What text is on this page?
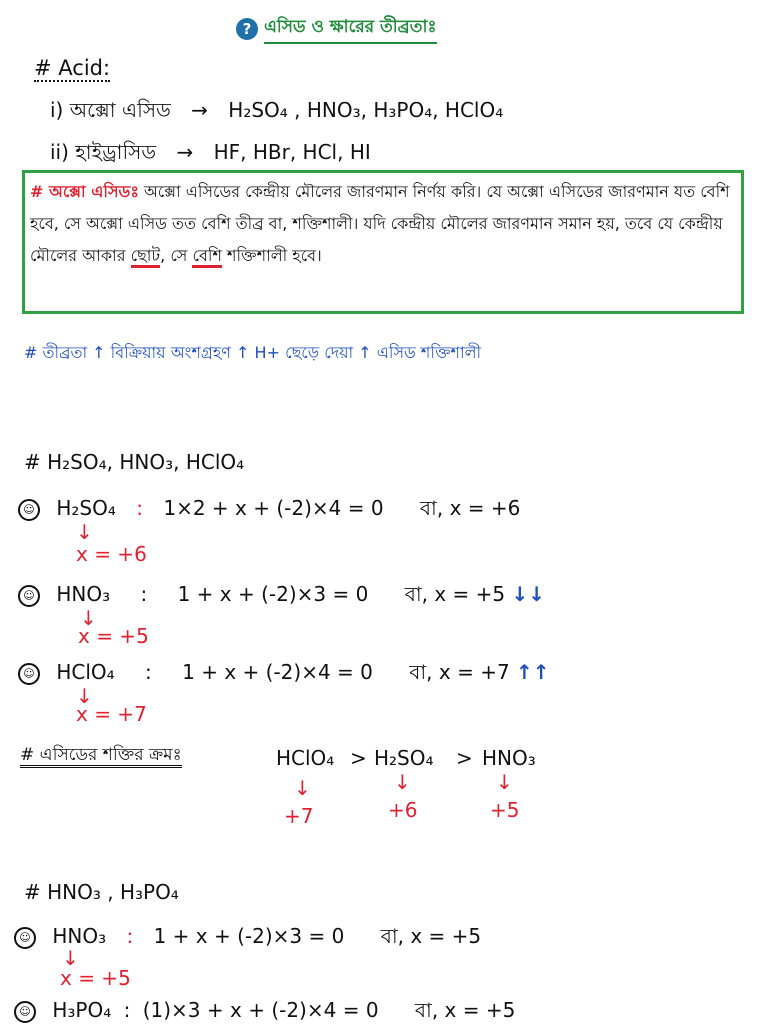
? এসিড ও ক্ষারের তীব্রতাঃ
# Acid:
i) অক্সো এসিড → H₂SO₄ , HNO₃, H₃PO₄, HClO₄
ii) হাইড্রাসিড → HF, HBr, HCl, HI
# অক্সো এসিডঃ অক্সো এসিডের কেন্দ্রীয় মৌলের জারণমান নির্ণয় করি। যে অক্সো এসিডের জারণমান যত বেশি হবে, সে অক্সো এসিড তত বেশি তীব্র বা, শক্তিশালী। যদি কেন্দ্রীয় মৌলের জারণমান সমান হয়, তবে যে কেন্দ্রীয় মৌলের আকার ছোট, সে বেশি শক্তিশালী হবে।
# তীব্রতা ↑ বিক্রিয়ায় অংশগ্রহণ ↑ H+ ছেড়ে দেয়া ↑ এসিড শক্তিশালী
# H₂SO₄, HNO₃, HClO₄
☺ H₂SO₄ : 1×2 + x + (-2)×4 = 0 বা, x = +6
↓
x = +6
☺ HNO₃ : 1 + x + (-2)×3 = 0 বা, x = +5 ↓↓
↓
x = +5
☺ HClO₄ : 1 + x + (-2)×4 = 0 বা, x = +7 ↑↑
↓
x = +7
# এসিডের শক্তির ক্রমঃ	HClO₄ > H₂SO₄ > HNO₃
↓	↓	↓
+7	+6	+5
# HNO₃ , H₃PO₄
☺ HNO₃ : 1 + x + (-2)×3 = 0 বা, x = +5
↓
x = +5
☺ H₃PO₄ : (1)×3 + x + (-2)×4 = 0 বা, x = +5
